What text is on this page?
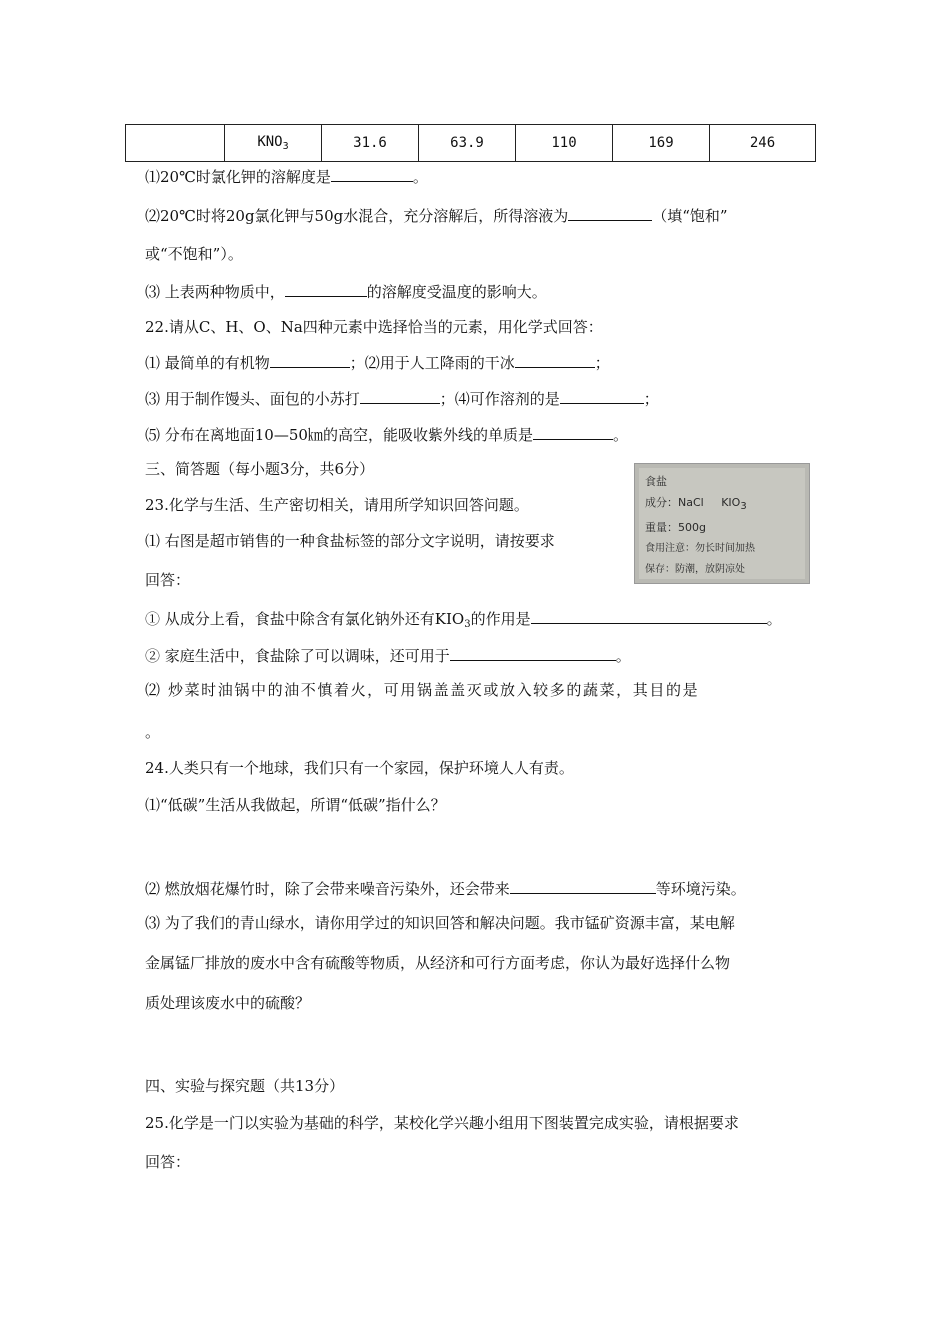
	$KNO_3$	31.6	63.9	110	169	246
⑴20℃时氯化钾的溶解度是	。
⑵20℃时将20g氯化钾与50g水混合，充分溶解后，所得溶液为	（填“饱和”
或“不饱和”）。
⑶ 上表两种物质中，	的溶解度受温度的影响大。
22.请从C、H、O、Na四种元素中选择恰当的元素，用化学式回答：
⑴ 最简单的有机物	；⑵用于人工降雨的干冰	；
⑶ 用于制作馒头、面包的小苏打	；⑷可作溶剂的是	；
⑸ 分布在离地面10—50㎞的高空，能吸收紫外线的单质是	。
三、简答题（每小题3分，共6分）
23.化学与生活、生产密切相关，请用所学知识回答问题。
⑴ 右图是超市销售的一种食盐标签的部分文字说明，请按要求
回答：
食盐
成分：NaCl     $KIO_3$
重量：500g
食用注意：勿长时间加热
保存：防潮，放阴凉处
① 从成分上看，食盐中除含有氯化钠外还有$KIO_3$的作用是	。
② 家庭生活中，食盐除了可以调味，还可用于	。
⑵ 炒菜时油锅中的油不慎着火，可用锅盖盖灭或放入较多的蔬菜，其目的是
。
24.人类只有一个地球，我们只有一个家园，保护环境人人有责。
⑴“低碳”生活从我做起，所谓“低碳”指什么？
⑵ 燃放烟花爆竹时，除了会带来噪音污染外，还会带来	等环境污染。
⑶ 为了我们的青山绿水，请你用学过的知识回答和解决问题。我市锰矿资源丰富，某电解
金属锰厂排放的废水中含有硫酸等物质，从经济和可行方面考虑，你认为最好选择什么物
质处理该废水中的硫酸？
四、实验与探究题（共13分）
25.化学是一门以实验为基础的科学，某校化学兴趣小组用下图装置完成实验，请根据要求
回答：
